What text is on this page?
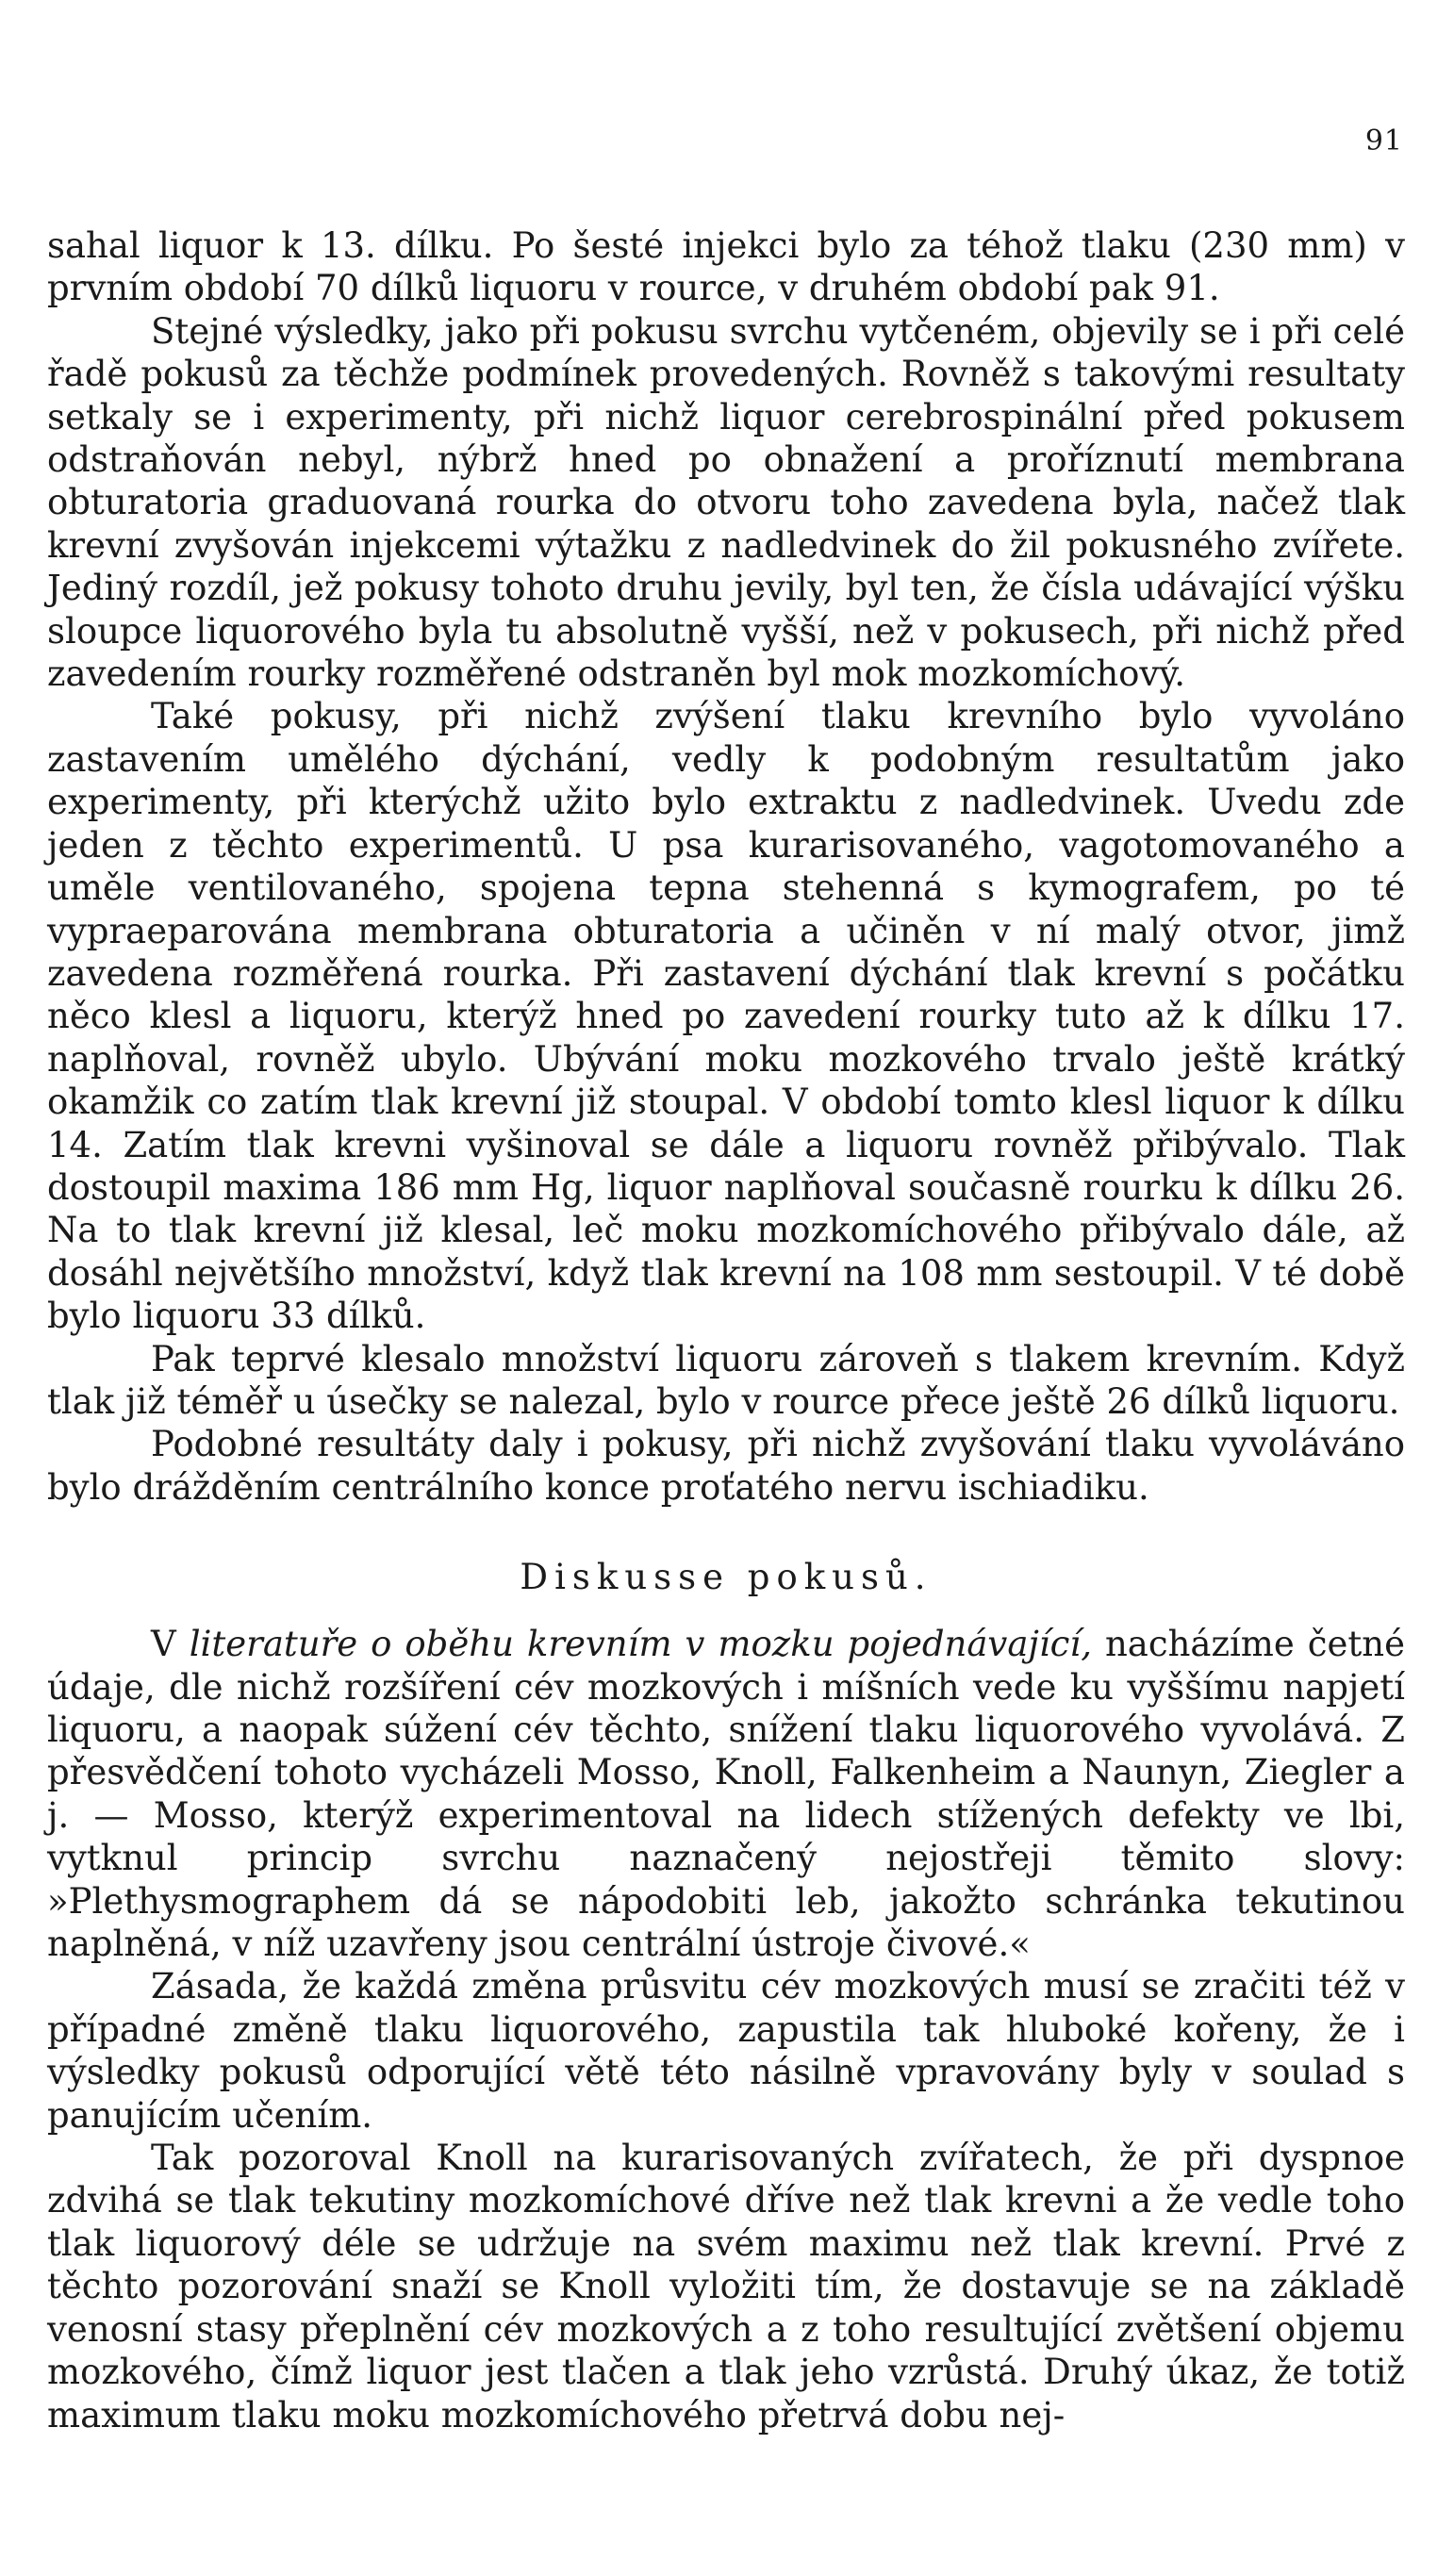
91

sahal liquor k 13. dílku. Po šesté injekci bylo za téhož tlaku (230 mm) v prvním období 70 dílků liquoru v rource, v druhém období pak 91.

Stejné výsledky, jako při pokusu svrchu vytčeném, objevily se i při celé řadě pokusů za těchže podmínek provedených. Rovněž s takovými resultaty setkaly se i experimenty, při nichž liquor cerebrospinální před pokusem odstraňován nebyl, nýbrž hned po obnažení a proříznutí membrana obturatoria graduovaná rourka do otvoru toho zavedena byla, načež tlak krevní zvyšován injekcemi výtažku z nadledvinek do žil pokusného zvířete. Jediný rozdíl, jež pokusy tohoto druhu jevily, byl ten, že čísla udávající výšku sloupce liquorového byla tu absolutně vyšší, než v pokusech, při nichž před zavedením rourky rozměřené odstraněn byl mok mozkomíchový.

Také pokusy, při nichž zvýšení tlaku krevního bylo vyvoláno zastavením umělého dýchání, vedly k podobným resultatům jako experimenty, při kterýchž užito bylo extraktu z nadledvinek. Uvedu zde jeden z těchto experimentů. U psa kurarisovaného, vagotomovaného a uměle ventilovaného, spojena tepna stehenná s kymografem, po té vypraeparována membrana obturatoria a učiněn v ní malý otvor, jimž zavedena rozměřená rourka. Při zastavení dýchání tlak krevní s počátku něco klesl a liquoru, kterýž hned po zavedení rourky tuto až k dílku 17. naplňoval, rovněž ubylo. Ubývání moku mozkového trvalo ještě krátký okamžik co zatím tlak krevní již stoupal. V období tomto klesl liquor k dílku 14. Zatím tlak krevni vyšinoval se dále a liquoru rovněž přibývalo. Tlak dostoupil maxima 186 mm Hg, liquor naplňoval současně rourku k dílku 26. Na to tlak krevní již klesal, leč moku mozkomíchového přibývalo dále, až dosáhl největšího množství, když tlak krevní na 108 mm sestoupil. V té době bylo liquoru 33 dílků.

Pak teprvé klesalo množství liquoru zároveň s tlakem krevním. Když tlak již téměř u úsečky se nalezal, bylo v rource přece ještě 26 dílků liquoru.

Podobné resultáty daly i pokusy, při nichž zvyšování tlaku vyvoláváno bylo drážděním centrálního konce proťatého nervu ischiadiku.

Diskusse pokusů.

V literatuře o oběhu krevním v mozku pojednávající, nacházíme četné údaje, dle nichž rozšíření cév mozkových i míšních vede ku vyššímu napjetí liquoru, a naopak súžení cév těchto, snížení tlaku liquorového vyvolává. Z přesvědčení tohoto vycházeli Mosso, Knoll, Falkenheim a Naunyn, Ziegler a j. — Mosso, kterýž experimentoval na lidech stížených defekty ve lbi, vytknul princip svrchu naznačený nejostřeji těmito slovy: »Plethysmographem dá se nápodobiti leb, jakožto schránka tekutinou naplněná, v níž uzavřeny jsou centrální ústroje čivové.«

Zásada, že každá změna průsvitu cév mozkových musí se zračiti též v případné změně tlaku liquorového, zapustila tak hluboké kořeny, že i výsledky pokusů odporující větě této násilně vpravovány byly v soulad s panujícím učením.

Tak pozoroval Knoll na kurarisovaných zvířatech, že při dyspnoe zdvihá se tlak tekutiny mozkomíchové dříve než tlak krevni a že vedle toho tlak liquorový déle se udržuje na svém maximu než tlak krevní. Prvé z těchto pozorování snaží se Knoll vyložiti tím, že dostavuje se na základě venosní stasy přeplnění cév mozkových a z toho resultující zvětšení objemu mozkového, čímž liquor jest tlačen a tlak jeho vzrůstá. Druhý úkaz, že totiž maximum tlaku moku mozkomíchového přetrvá dobu nej-
